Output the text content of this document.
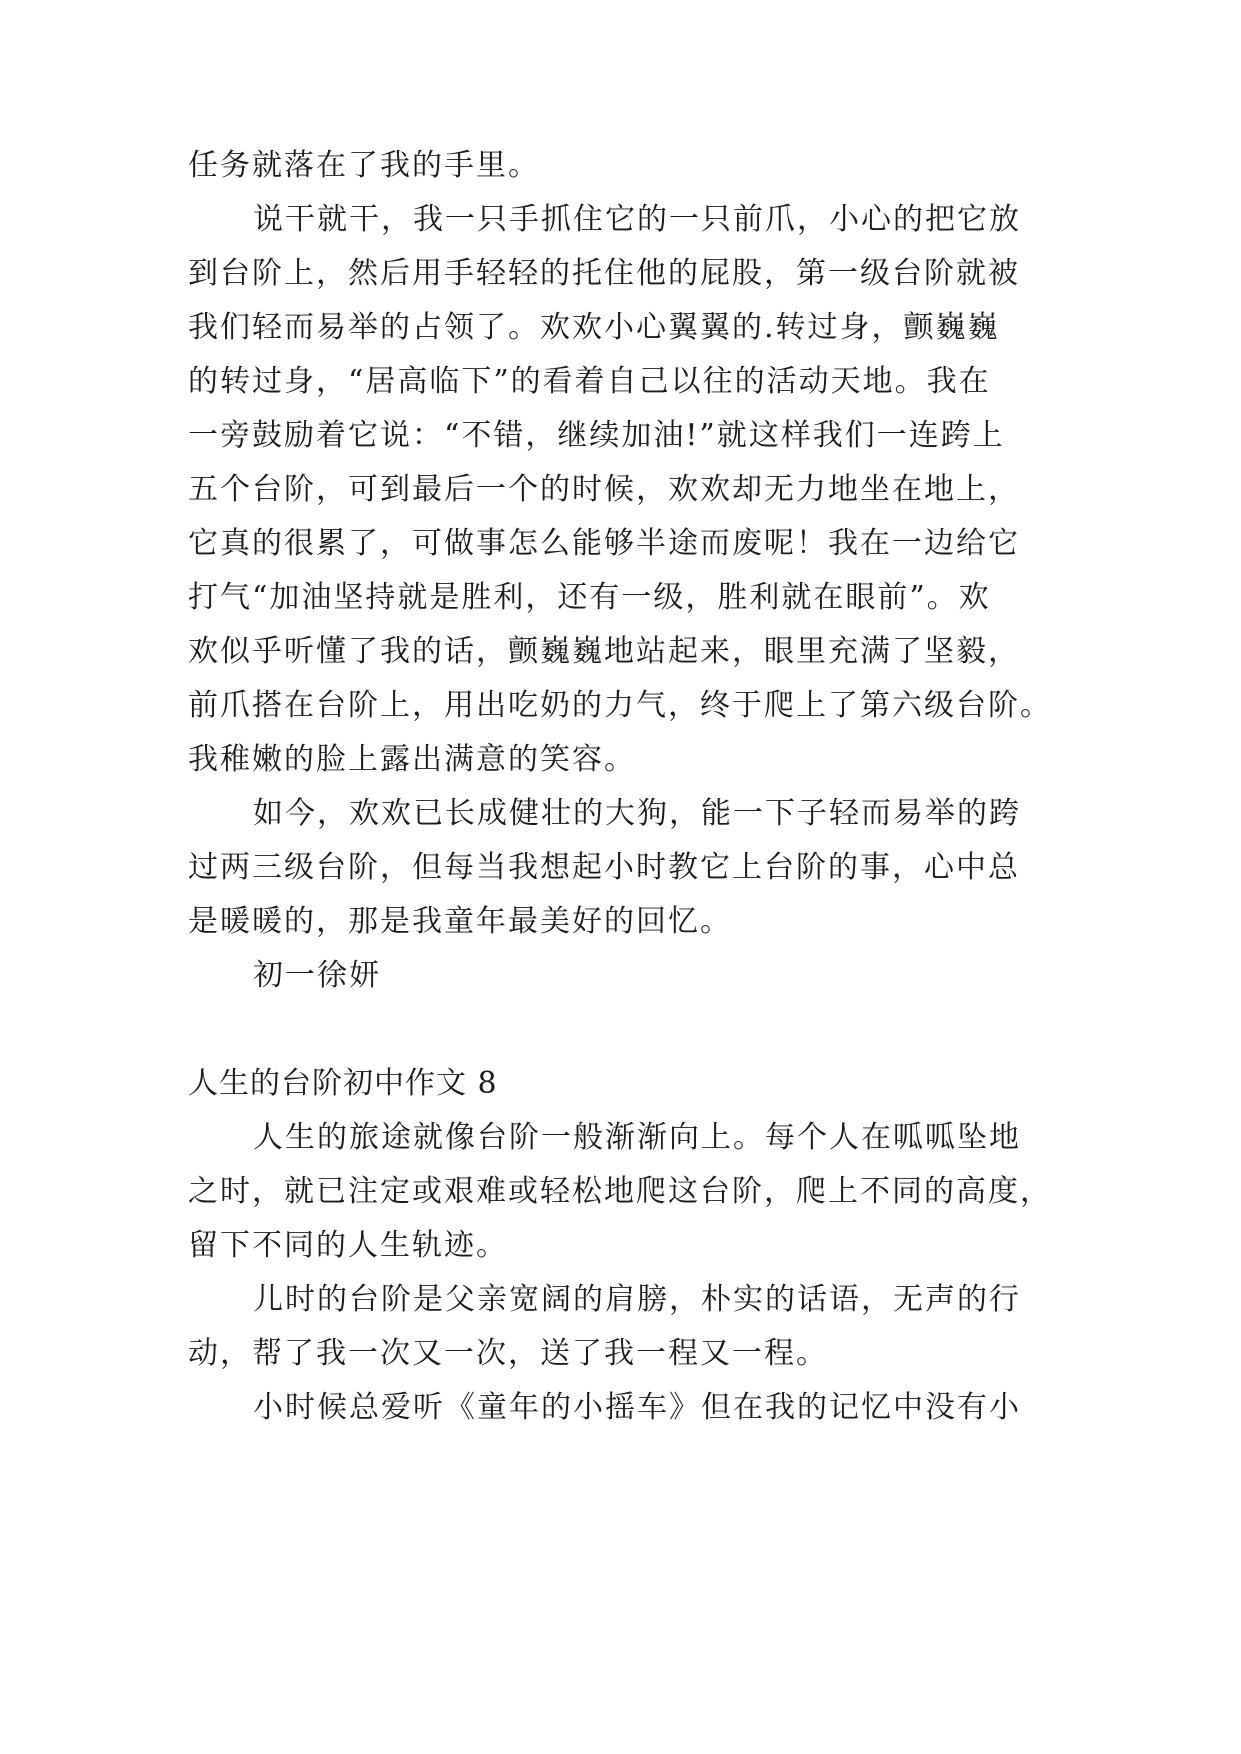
任务就落在了我的手里。

说干就干，我一只手抓住它的一只前爪，小心的把它放

到台阶上，然后用手轻轻的托住他的屁股，第一级台阶就被

我们轻而易举的占领了。欢欢小心翼翼的.转过身，颤巍巍

的转过身，“居高临下”的看着自己以往的活动天地。我在

一旁鼓励着它说：“不错，继续加油!”就这样我们一连跨上

五个台阶，可到最后一个的时候，欢欢却无力地坐在地上，

它真的很累了，可做事怎么能够半途而废呢！我在一边给它

打气“加油坚持就是胜利，还有一级，胜利就在眼前”。欢

欢似乎听懂了我的话，颤巍巍地站起来，眼里充满了坚毅，

前爪搭在台阶上，用出吃奶的力气，终于爬上了第六级台阶。

我稚嫩的脸上露出满意的笑容。

如今，欢欢已长成健壮的大狗，能一下子轻而易举的跨

过两三级台阶，但每当我想起小时教它上台阶的事，心中总

是暖暖的，那是我童年最美好的回忆。

初一徐妍

人生的台阶初中作文 8

人生的旅途就像台阶一般渐渐向上。每个人在呱呱坠地

之时，就已注定或艰难或轻松地爬这台阶，爬上不同的高度，

留下不同的人生轨迹。

儿时的台阶是父亲宽阔的肩膀，朴实的话语，无声的行

动，帮了我一次又一次，送了我一程又一程。

小时候总爱听《童年的小摇车》但在我的记忆中没有小
